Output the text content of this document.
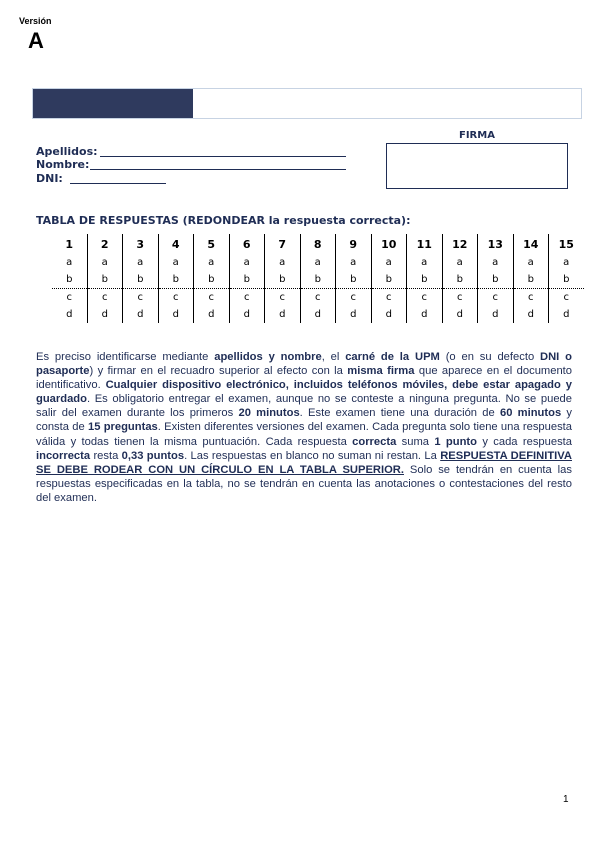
Versión
A
Apellidos:
Nombre:
DNI:
FIRMA
TABLA DE RESPUESTAS (REDONDEAR la respuesta correcta):
1	2	3	4	5	6	7	8	9	10	11	12	13	14	15
a	a	a	a	a	a	a	a	a	a	a	a	a	a	a
b	b	b	b	b	b	b	b	b	b	b	b	b	b	b
c	c	c	c	c	c	c	c	c	c	c	c	c	c	c
d	d	d	d	d	d	d	d	d	d	d	d	d	d	d
Es preciso identificarse mediante apellidos y nombre, el carné de la UPM (o en su defecto DNI o pasaporte) y firmar en el recuadro superior al efecto con la misma firma que aparece en el documento identificativo. Cualquier dispositivo electrónico, incluidos teléfonos móviles, debe estar apagado y guardado. Es obligatorio entregar el examen, aunque no se conteste a ninguna pregunta. No se puede salir del examen durante los primeros 20 minutos. Este examen tiene una duración de 60 minutos y consta de 15 preguntas. Existen diferentes versiones del examen. Cada pregunta solo tiene una respuesta válida y todas tienen la misma puntuación. Cada respuesta correcta suma 1 punto y cada respuesta incorrecta resta 0,33 puntos. Las respuestas en blanco no suman ni restan. La RESPUESTA DEFINITIVA SE DEBE RODEAR CON UN CÍRCULO EN LA TABLA SUPERIOR. Solo se tendrán en cuenta las respuestas especificadas en la tabla, no se tendrán en cuenta las anotaciones o contestaciones del resto del examen.
1
